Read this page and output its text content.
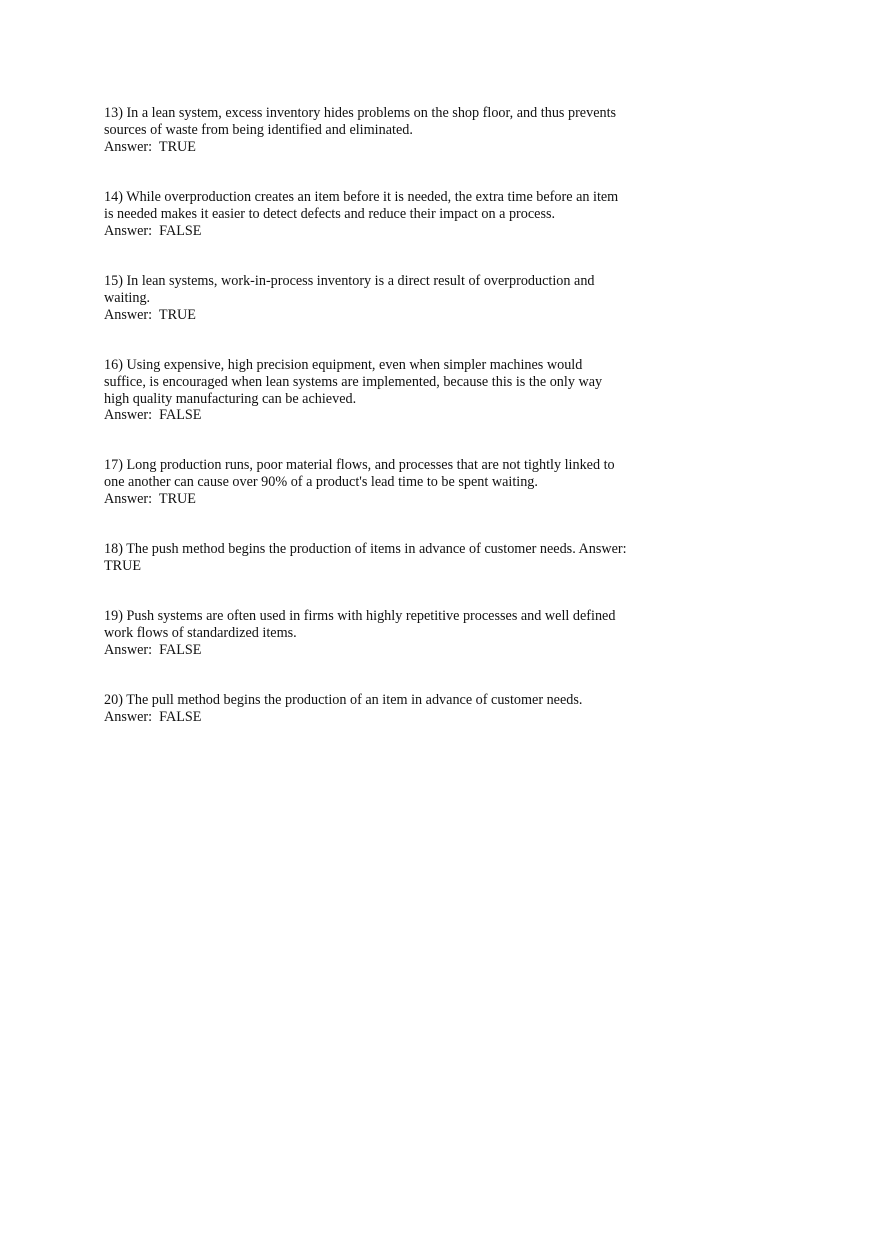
13) In a lean system, excess inventory hides problems on the shop floor, and thus prevents

sources of waste from being identified and eliminated.

Answer:  TRUE

14) While overproduction creates an item before it is needed, the extra time before an item

is needed makes it easier to detect defects and reduce their impact on a process.

Answer:  FALSE

15) In lean systems, work-in-process inventory is a direct result of overproduction and

waiting.

Answer:  TRUE

16) Using expensive, high precision equipment, even when simpler machines would

suffice, is encouraged when lean systems are implemented, because this is the only way

high quality manufacturing can be achieved.

Answer:  FALSE

17) Long production runs, poor material flows, and processes that are not tightly linked to

one another can cause over 90% of a product's lead time to be spent waiting.

Answer:  TRUE

18) The push method begins the production of items in advance of customer needs. Answer:

TRUE

19) Push systems are often used in firms with highly repetitive processes and well defined

work flows of standardized items.

Answer:  FALSE

20) The pull method begins the production of an item in advance of customer needs.

Answer:  FALSE
